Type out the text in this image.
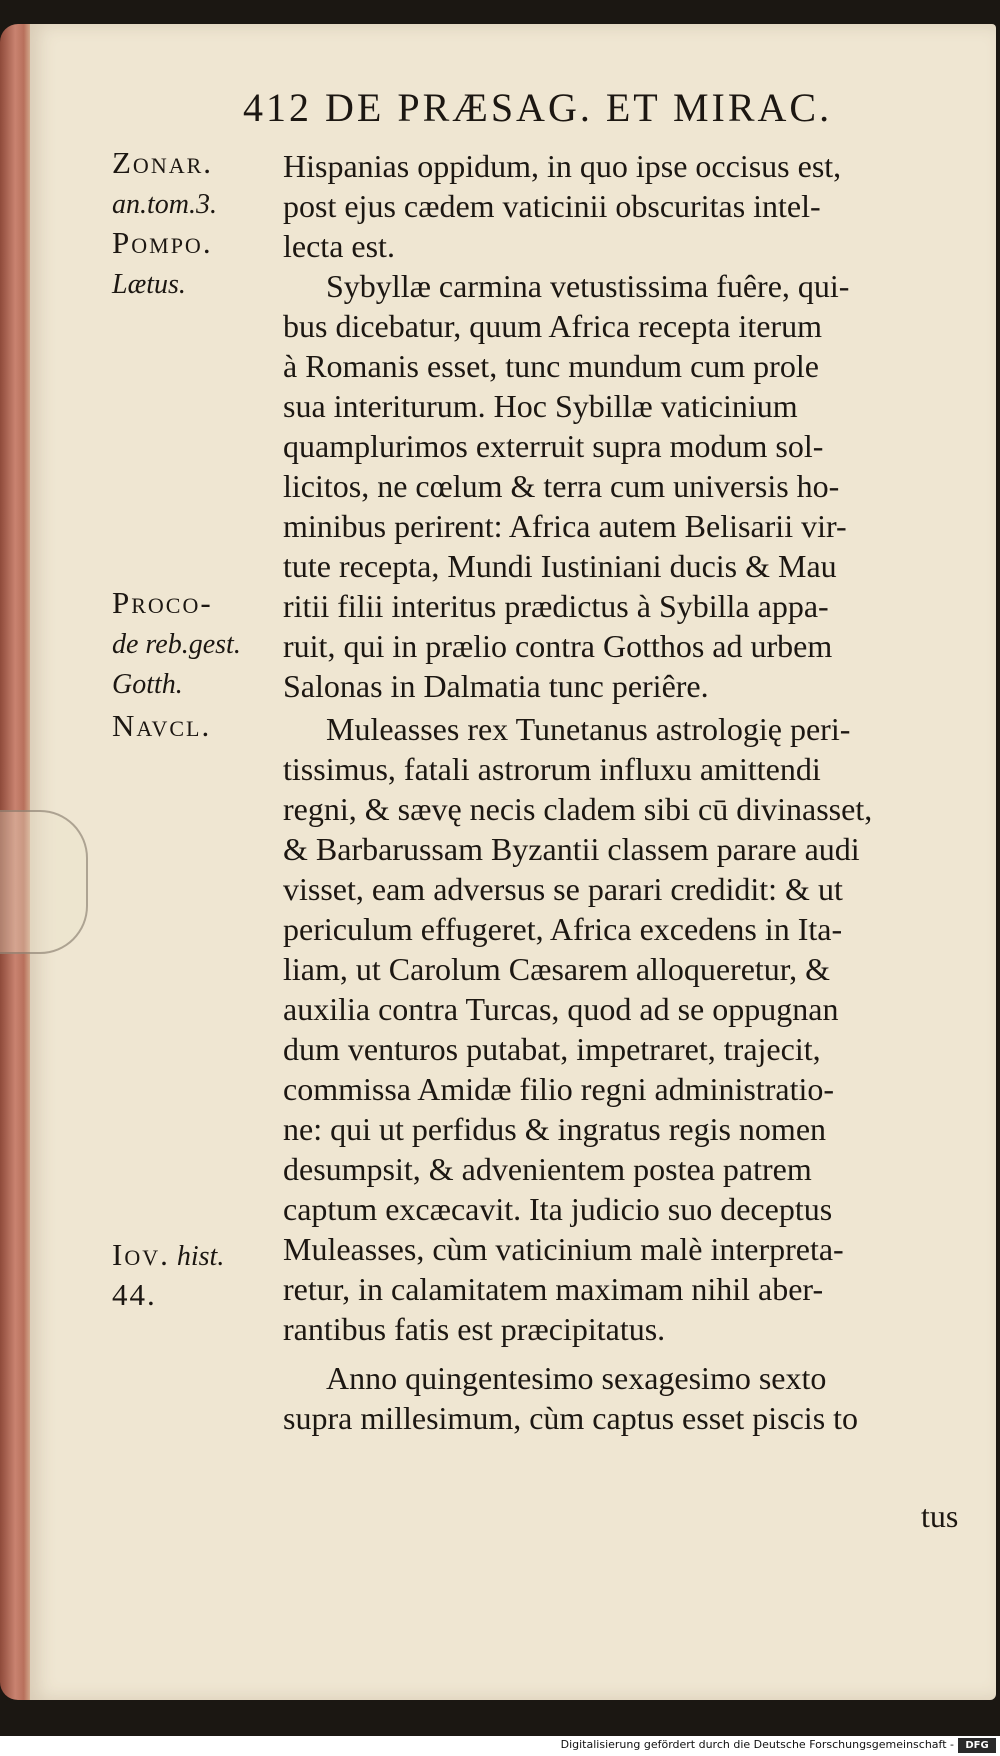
412 DE PRÆSAG. ET MIRAC.
Zonar.
an.tom.3.
Pompo.
Lætus.
Proco-
de reb.gest.
Gotth.
Navcl.
Iov. hist.
44.
Hispanias oppidum, in quo ipse occisus est,
post ejus cædem vaticinii obscuritas intel-
lecta est.
Sybyllæ carmina vetustissima fuêre, qui-
bus dicebatur, quum Africa recepta iterum
à Romanis esset, tunc mundum cum prole
sua interiturum. Hoc Sybillæ vaticinium
quamplurimos exterruit supra modum sol-
licitos, ne cœlum & terra cum universis ho-
minibus perirent: Africa autem Belisarii vir-
tute recepta, Mundi Iustiniani ducis & Mau
ritii filii interitus prædictus à Sybilla appa-
ruit, qui in prælio contra Gotthos ad urbem
Salonas in Dalmatia tunc periêre.
Muleasses rex Tunetanus astrologię peri-
tissimus, fatali astrorum influxu amittendi
regni, & sævę necis cladem sibi cū divinasset,
& Barbarussam Byzantii classem parare audi
visset, eam adversus se parari credidit: & ut
periculum effugeret, Africa excedens in Ita-
liam, ut Carolum Cæsarem alloqueretur, &
auxilia contra Turcas, quod ad se oppugnan
dum venturos putabat, impetraret, trajecit,
commissa Amidæ filio regni administratio-
ne: qui ut perfidus & ingratus regis nomen
desumpsit, & advenientem postea patrem
captum excæcavit. Ita judicio suo deceptus
Muleasses, cùm vaticinium malè interpreta-
retur, in calamitatem maximam nihil aber-
rantibus fatis est præcipitatus.
Anno quingentesimo sexagesimo sexto
supra millesimum, cùm captus esset piscis to
tus
Digitalisierung gefördert durch die Deutsche Forschungsgemeinschaft -	DFG
